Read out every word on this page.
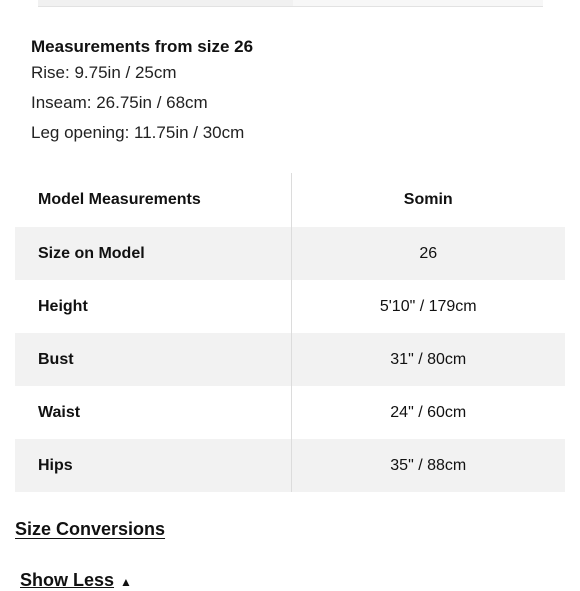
Measurements from size 26

Rise: 9.75in / 25cm

Inseam: 26.75in / 68cm

Leg opening: 11.75in / 30cm

Model Measurements	Somin
Size on Model	26
Height	5'10" / 179cm
Bust	31" / 80cm
Waist	24" / 60cm
Hips	35" / 88cm
Size Conversions
Show Less ▲
